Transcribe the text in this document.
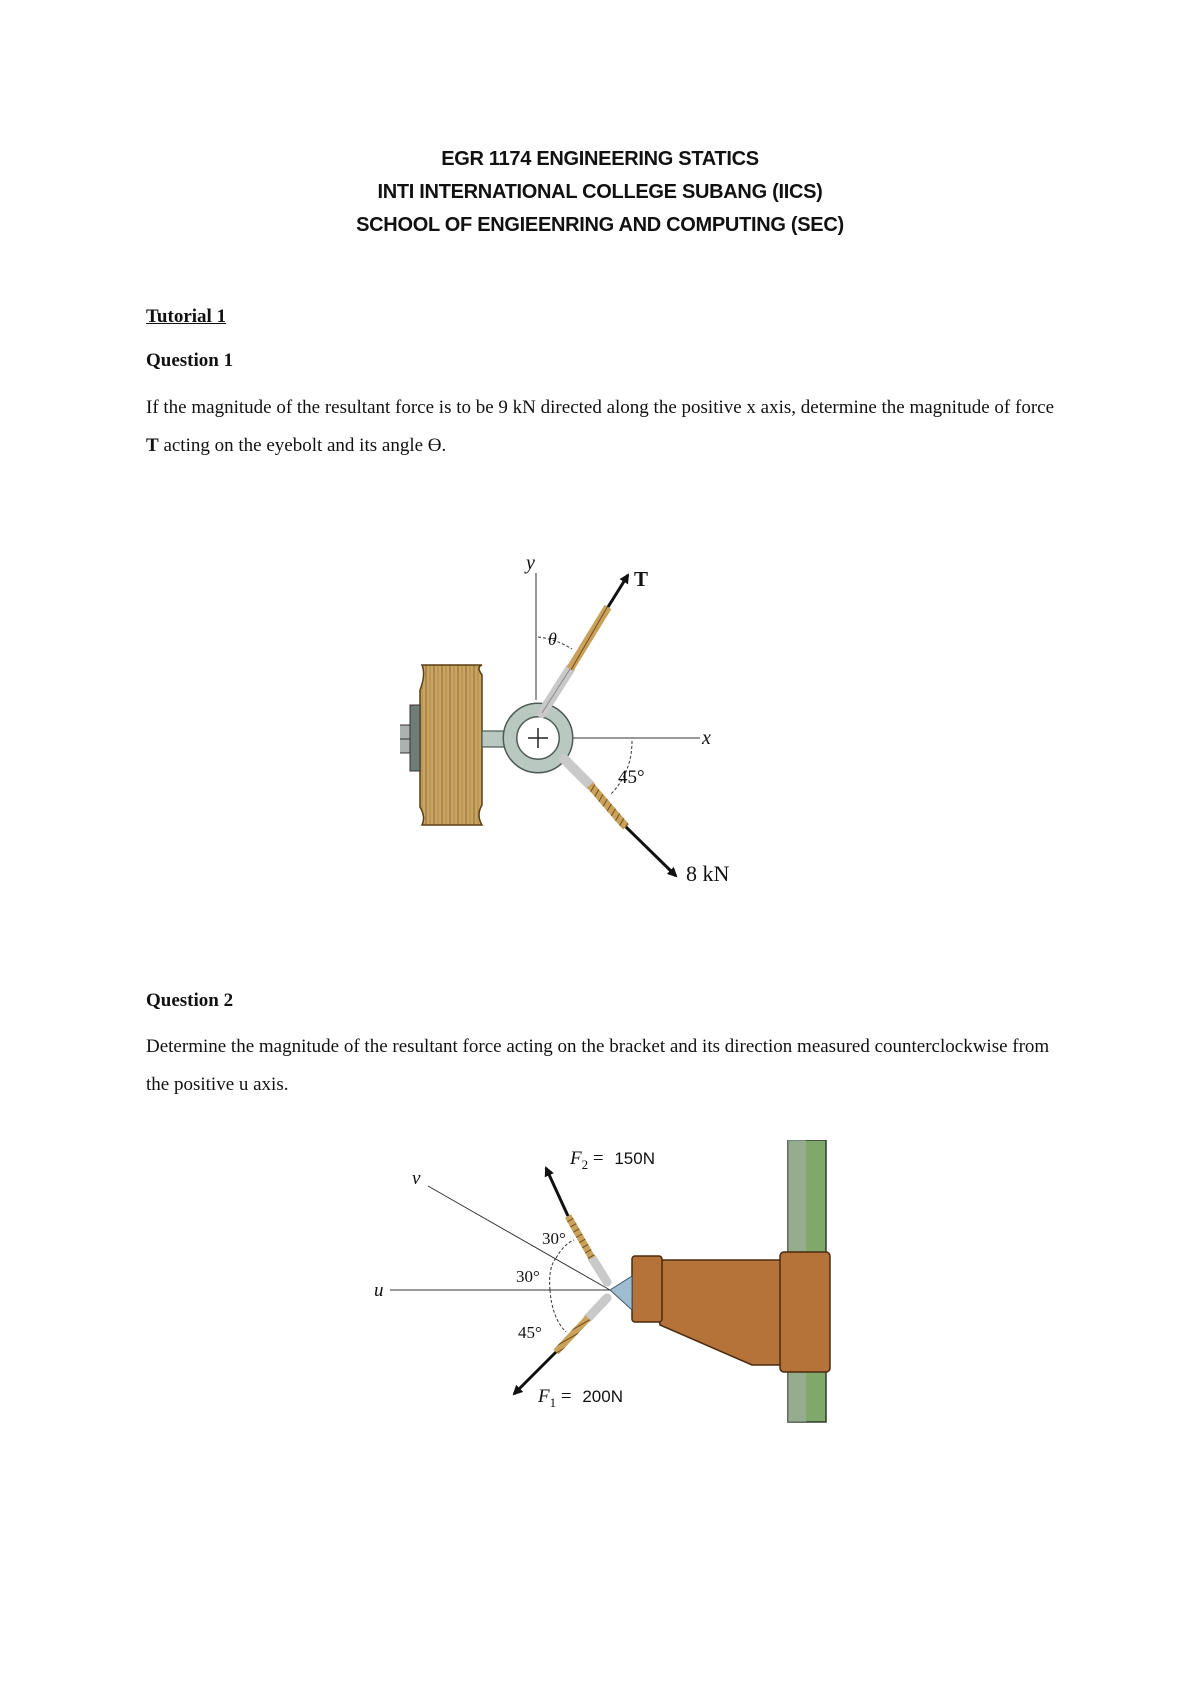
EGR 1174 ENGINEERING STATICS
INTI INTERNATIONAL COLLEGE SUBANG (IICS)
SCHOOL OF ENGIEENRING AND COMPUTING (SEC)
Tutorial 1
Question 1
If the magnitude of the resultant force is to be 9 kN directed along the positive x axis, determine the magnitude of force T acting on the eyebolt and its angle Ɵ.
y
x
T
θ
8 kN
45°
Question 2
Determine the magnitude of the resultant force acting on the bracket and its direction measured counterclockwise from the positive u axis.
u
v
$F_2 = 150N$
$F_1 = 200N$
30°
30°
45°
